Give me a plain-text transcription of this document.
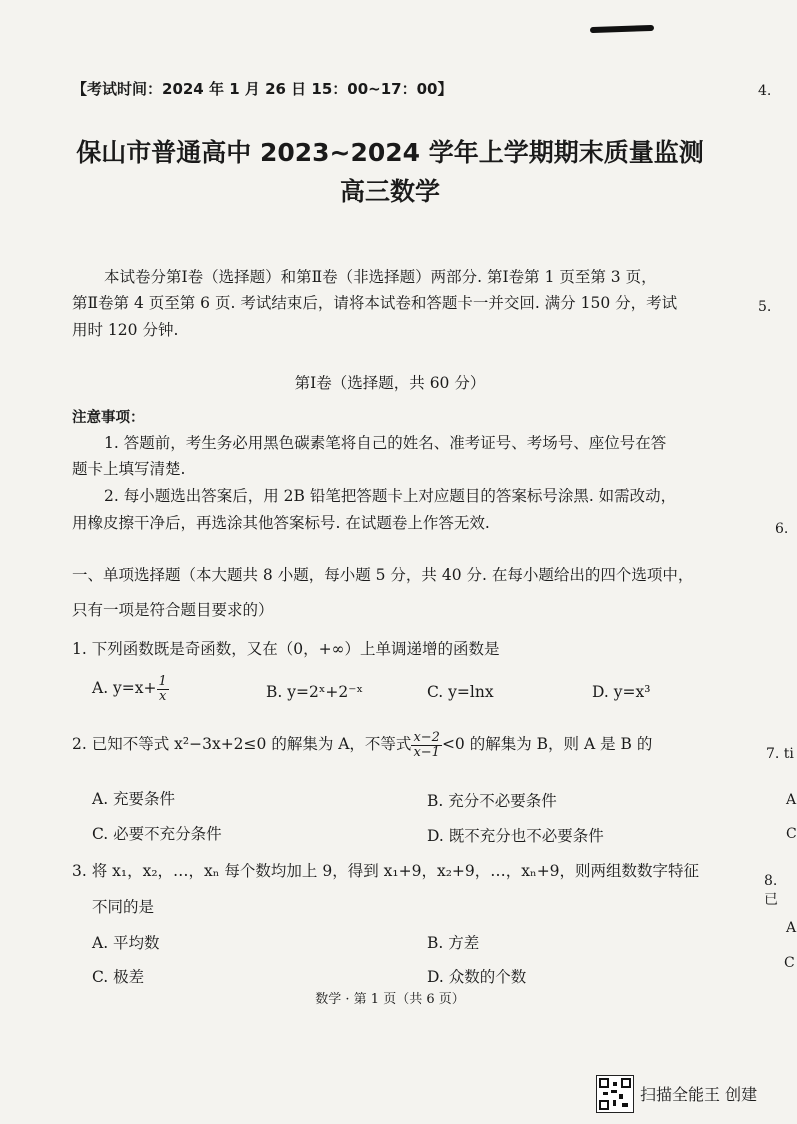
【考试时间：2024 年 1 月 26 日 15：00~17：00】
保山市普通高中 2023~2024 学年上学期期末质量监测
高三数学
本试卷分第Ⅰ卷（选择题）和第Ⅱ卷（非选择题）两部分. 第Ⅰ卷第 1 页至第 3 页，
第Ⅱ卷第 4 页至第 6 页. 考试结束后，请将本试卷和答题卡一并交回. 满分 150 分，考试
用时 120 分钟.
第Ⅰ卷（选择题，共 60 分）
注意事项：
1. 答题前，考生务必用黑色碳素笔将自己的姓名、准考证号、考场号、座位号在答
题卡上填写清楚.
2. 每小题选出答案后，用 2B 铅笔把答题卡上对应题目的答案标号涂黑. 如需改动，
用橡皮擦干净后，再选涂其他答案标号. 在试题卷上作答无效.
一、单项选择题（本大题共 8 小题，每小题 5 分，共 40 分. 在每小题给出的四个选项中，
只有一项是符合题目要求的）
1. 下列函数既是奇函数，又在（0，+∞）上单调递增的函数是
A. $y=x+ \frac{1}{x}$	B. y=2ˣ+2⁻ˣ	C. y=lnx	D. y=x³
2. 已知不等式 x²−3x+2≤0 的解集为 A，不等式 $\frac{x-2}{x-1} <0$ 的解集为 B，则 A 是 B 的
A. 充要条件	B. 充分不必要条件
C. 必要不充分条件	D. 既不充分也不必要条件
3. 将 x₁，x₂，…，xₙ 每个数均加上 9，得到 x₁+9，x₂+9，…，xₙ+9，则两组数数字特征
不同的是
A. 平均数	B. 方差
C. 极差	D. 众数的个数
数学 · 第 1 页（共 6 页）
4.
5.
6.
7. ti
A
C
8. 已
A
C
扫描全能王 创建
